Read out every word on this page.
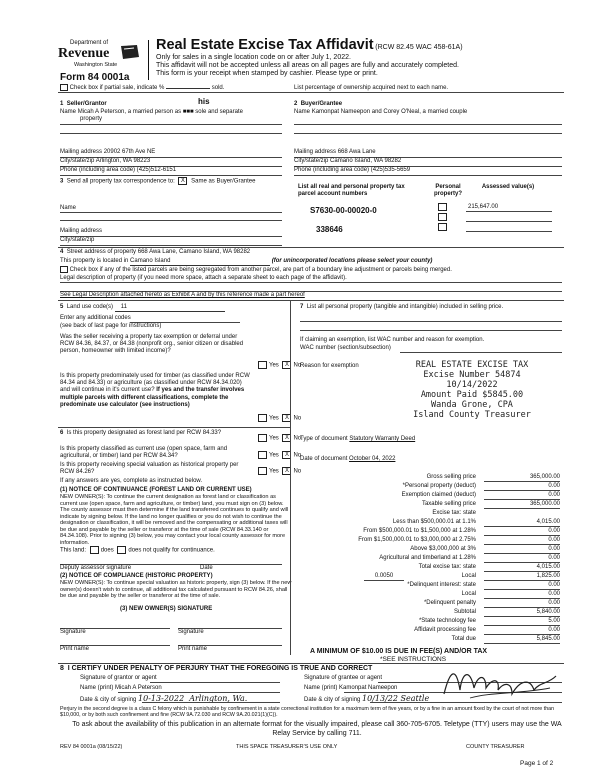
Department of
Revenue
Washington State
Form 84 0001a
Real Estate Excise Tax Affidavit (RCW 82.45 WAC 458-61A)
Only for sales in a single location code on or after July 1, 2022.
This affidavit will not be accepted unless all areas on all pages are fully and accurately completed.
This form is your receipt when stamped by cashier. Please type or print.
Check box if partial sale, indicate %	sold.	List percentage of ownership acquired next to each name.
1 Seller/Grantor	his
Name Micah A Peterson, a married person as ■■■ sole and separate
property
Mailing address 20902 67th Ave NE
City/state/zip Arlington, WA 98223
Phone (including area code) (425)512-6151
2 Buyer/Grantee
Name Kamonpat Nameepon and Corey O'Neal, a married couple
Mailing address 668 Awa Lane
City/state/zip Camano Island, WA 98282
Phone (including area code) (425)535-5659
3 Send all property tax correspondence to: X Same as Buyer/Grantee
Name
Mailing address
City/state/zip
List all real and personal property tax parcel account numbers
Personal property?
Assessed value(s)
S7630-00-00020-0	215,647.00
338646
4 Street address of property 668 Awa Lane, Camano Island, WA 98282
This property is located in Camano Island	(for unincorporated locations please select your county)
Check box if any of the listed parcels are being segregated from another parcel, are part of a boundary line adjustment or parcels being merged.
Legal description of property (if you need more space, attach a separate sheet to each page of the affidavit).
See Legal Description attached hereto as Exhibit A and by this reference made a part hereof
5 Land use code(s) 11
Enter any additional codes
(see back of last page for instructions)
Was the seller receiving a property tax exemption or deferral under RCW 84.36, 84.37, or 84.38 (nonprofit org., senior citizen or disabled person, homeowner with limited income)?
Yes X No
Is this property predominately used for timber (as classified under RCW 84.34 and 84.33) or agriculture (as classified under RCW 84.34.020) and will continue in it's current use? If yes and the transfer involves multiple parcels with different classifications, complete the predominate use calculator (see instructions)
Yes X No
6 Is this property designated as forest land per RCW 84.33?
Yes X No
Is this property classified as current use (open space, farm and agricultural, or timber) land per RCW 84.34?	Yes X No
Is this property receiving special valuation as historical property per RCW 84.26?	Yes X No
If any answers are yes, complete as instructed below.
(1) NOTICE OF CONTINUANCE (FOREST LAND OR CURRENT USE)
NEW OWNER(S): To continue the current designation as forest land or classification as current use (open space, farm and agriculture, or timber) land, you must sign on (3) below. The county assessor must then determine if the land transferred continues to qualify and will indicate by signing below. If the land no longer qualifies or you do not wish to continue the designation or classification, it will be removed and the compensating or additional taxes will be due and payable by the seller or transferor at the time of sale (RCW 84.33.140 or 84.34.108). Prior to signing (3) below, you may contact your local county assessor for more information.
This land: does does not qualify for continuance.
Deputy assessor signature	Date
(2) NOTICE OF COMPLIANCE (HISTORIC PROPERTY)
NEW OWNER(S): To continue special valuation as historic property, sign (3) below. If the new owner(s) doesn't wish to continue, all additional tax calculated pursuant to RCW 84.26, shall be due and payable by the seller or transferor at the time of sale.
(3) NEW OWNER(S) SIGNATURE
Signature	Signature
Print name	Print name
7 List all personal property (tangible and intangible) included in selling price.
If claiming an exemption, list WAC number and reason for exemption.
WAC number (section/subsection)
Reason for exemption	REAL ESTATE EXCISE TAX
Excise Number 54874
10/14/2022
Amount Paid $5845.00
Wanda Grone, CPA
Island County Treasurer
Type of document Statutory Warranty Deed
Date of document October 04, 2022
Gross selling price	365,000.00
*Personal property (deduct)	0.00
Exemption claimed (deduct)	0.00
Taxable selling price	365,000.00
Excise tax: state
Less than $500,000.01 at 1.1%	4,015.00
From $500,000.01 to $1,500,000 at 1.28%	0.00
From $1,500,000.01 to $3,000,000 at 2.75%	0.00
Above $3,000,000 at 3%	0.00
Agricultural and timberland at 1.28%	0.00
Total excise tax: state	4,015.00
0.0050	Local	1,825.00
*Delinquent interest: state	0.00
Local	0.00
*Delinquent penalty	0.00
Subtotal	5,840.00
*State technology fee	5.00
Affidavit processing fee	0.00
Total due	5,845.00
A MINIMUM OF $10.00 IS DUE IN FEE(S) AND/OR TAX
*SEE INSTRUCTIONS
8 I CERTIFY UNDER PENALTY OF PERJURY THAT THE FOREGOING IS TRUE AND CORRECT
Signature of grantor or agent
Name (print) Micah A Peterson
Date & city of signing 10-13-2022 Arlington, Wa.
Signature of grantee or agent
Name (print) Kamonpat Nameepon
Date & city of signing 10/13/22 Seattle
Perjury in the second degree is a class C felony which is punishable by confinement in a state correctional institution for a maximum term of five years, or by a fine in an amount fixed by the court of not more than $10,000, or by both such confinement and fine (RCW 9A.72.030 and RCW 9A.20.021(1)(C)).
To ask about the availability of this publication in an alternate format for the visually impaired, please call 360-705-6705. Teletype (TTY) users may use the WA Relay Service by calling 711.
REV 84 0001a (08/15/22)	THIS SPACE TREASURER'S USE ONLY	COUNTY TREASURER
Page 1 of 2
